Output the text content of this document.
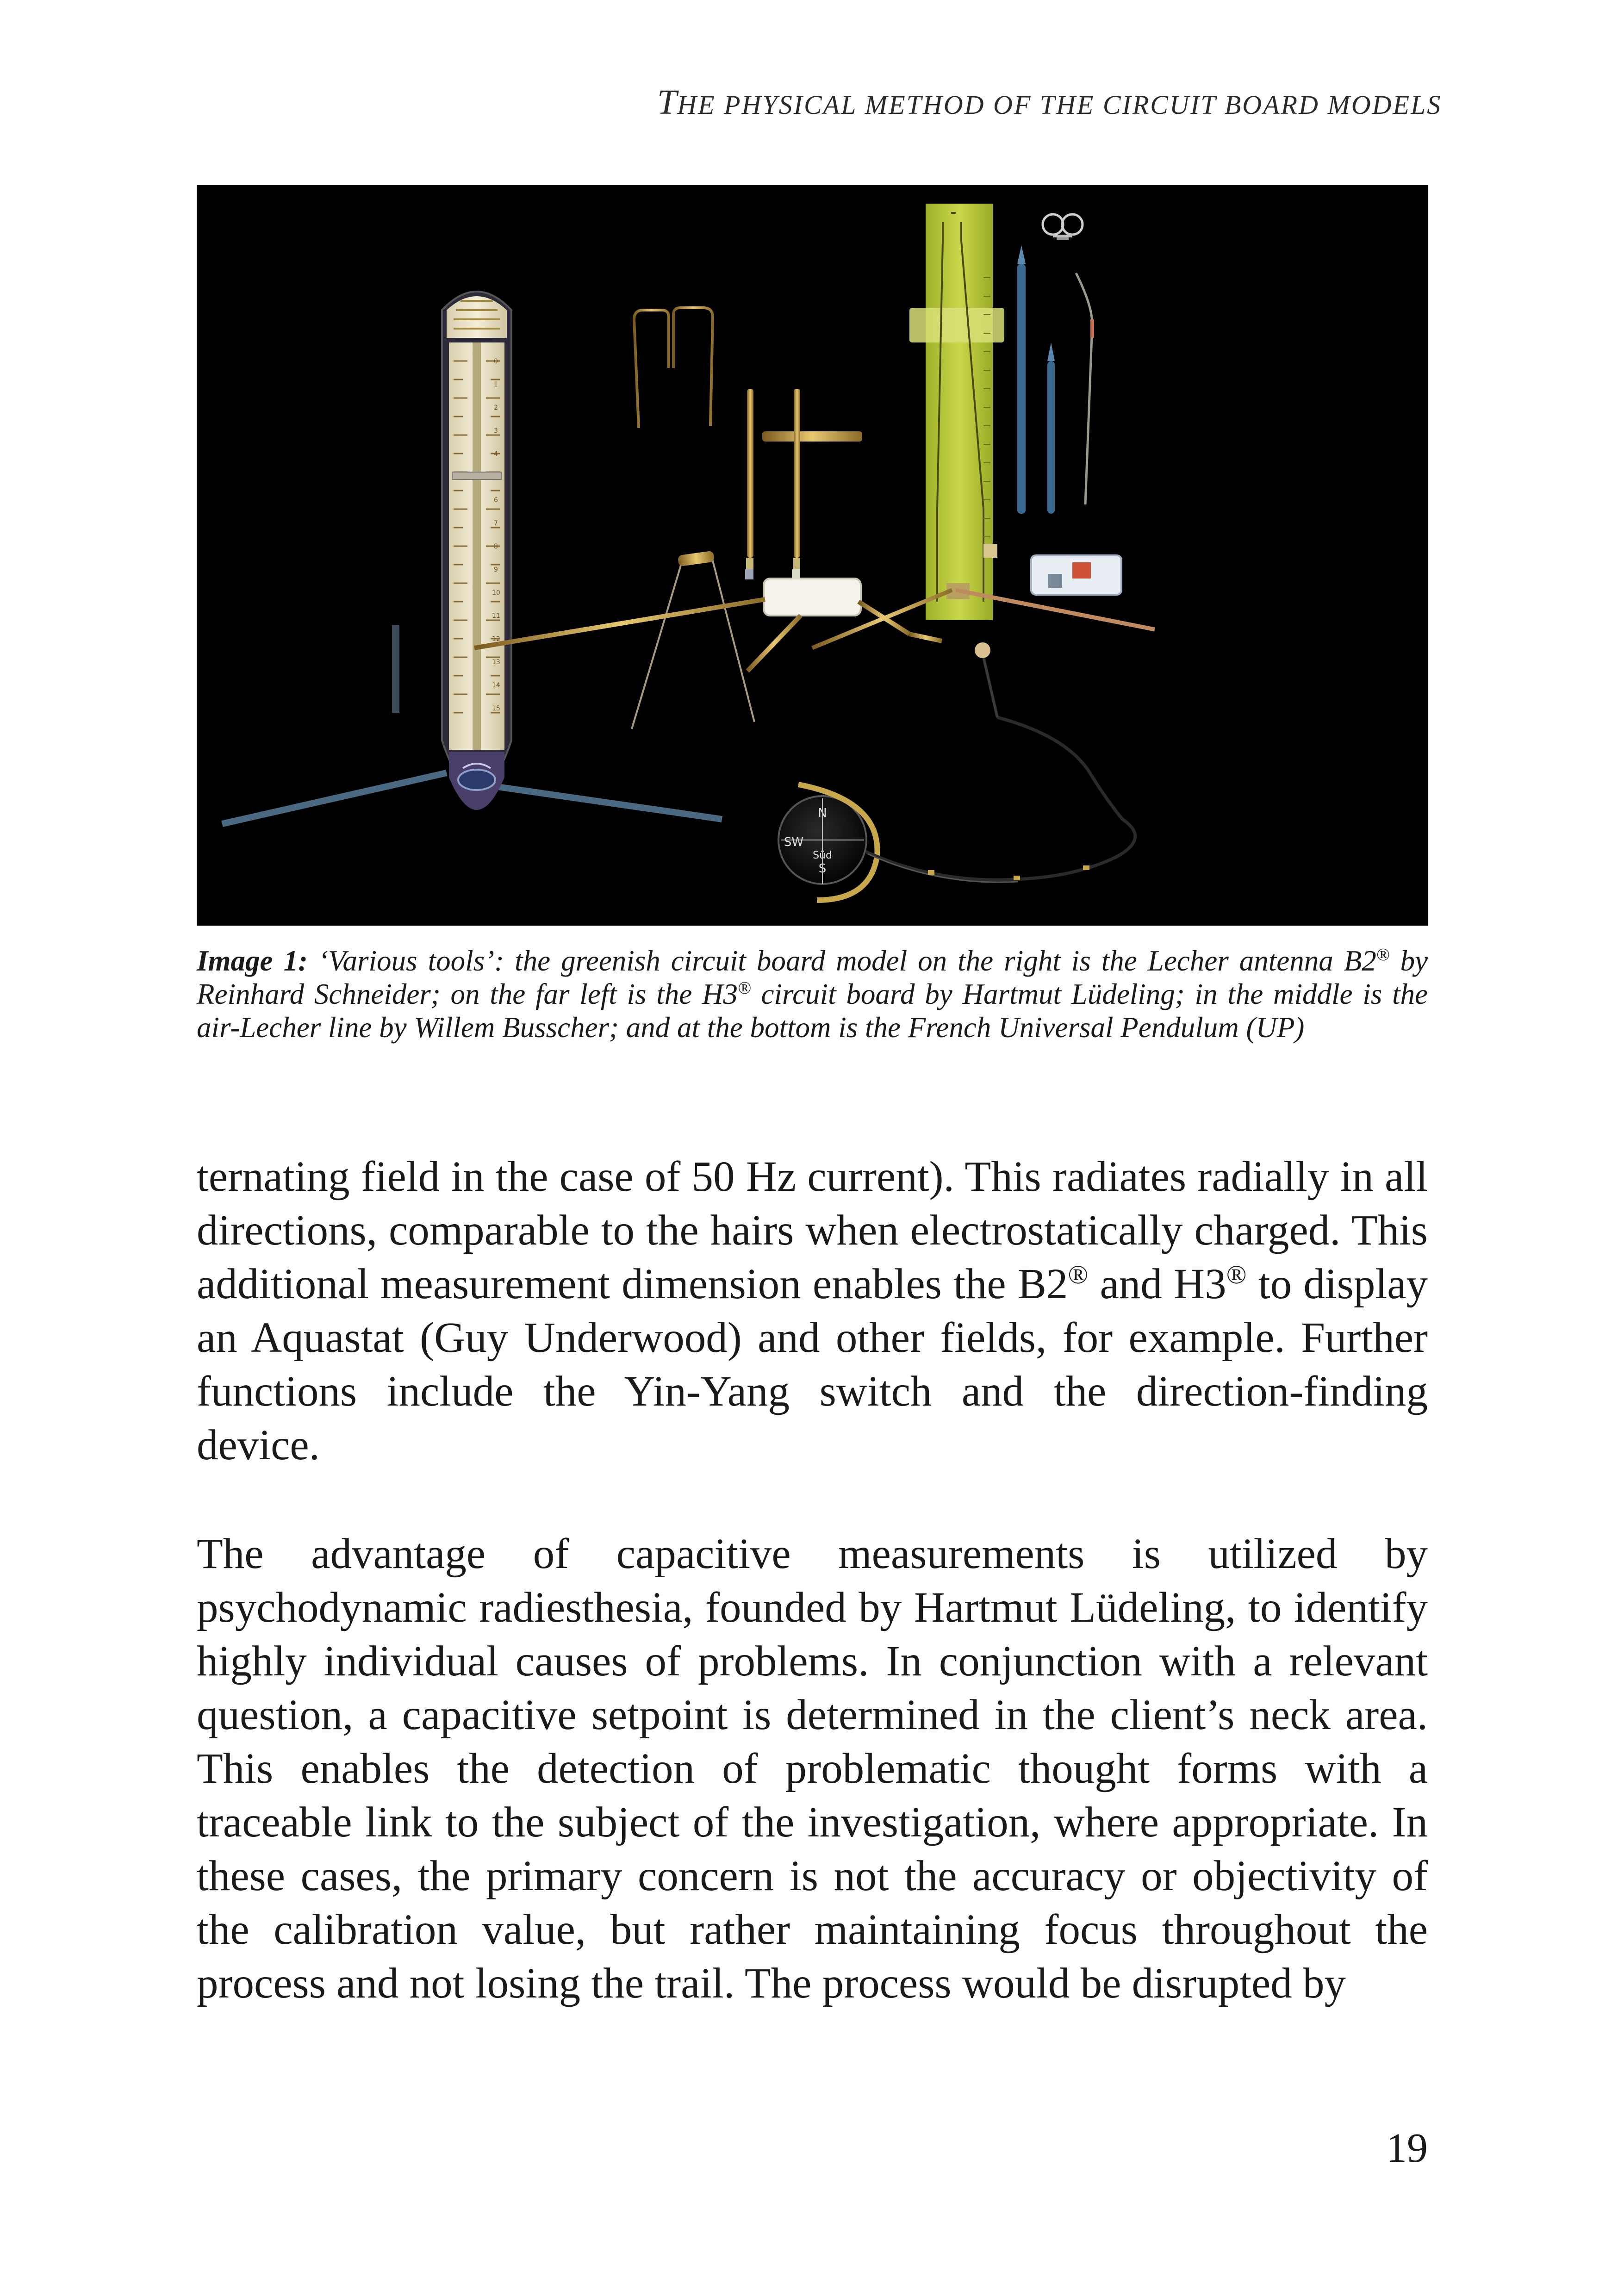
THE PHYSICAL METHOD OF THE CIRCUIT BOARD MODELS
0
1
2
3
4
6
7
8
9
10
11
12
13
14
15
N
S
SW
Süd
Image 1: ‘Various tools’: the greenish circuit board model on the right is the Lecher antenna B2® by Reinhard Schneider; on the far left is the H3® circuit board by Hartmut Lüdeling; in the middle is the air-Lecher line by Willem Busscher; and at the bottom is the French Universal Pendulum (UP)

ternating field in the case of 50 Hz current). This radiates radially in all directions, comparable to the hairs when electrostatically charged. This additional measurement dimension enables the B2® and H3® to display an Aquastat (Guy Underwood) and other fields, for example. Further functions include the Yin-Yang switch and the direction-finding device.

The advantage of capacitive measurements is utilized by psychodynamic radiesthesia, founded by Hartmut Lüdeling, to identify highly individual causes of problems. In conjunction with a relevant question, a capacitive setpoint is determined in the client’s neck area. This enables the detection of problematic thought forms with a traceable link to the subject of the investigation, where appropriate. In these cases, the primary concern is not the accuracy or objectivity of the calibration value, but rather maintaining focus throughout the process and not losing the trail. The process would be disrupted by

19
